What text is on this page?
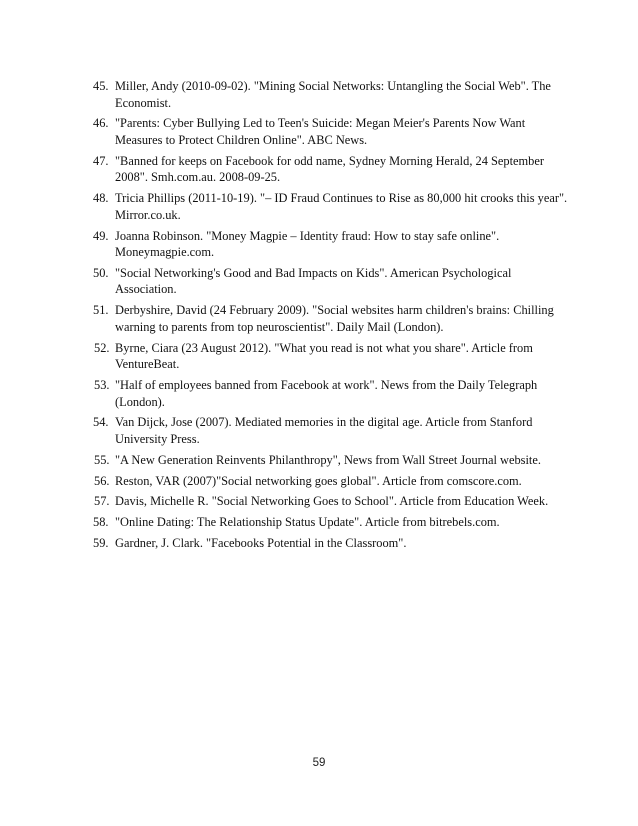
45. Miller, Andy (2010-09-02). "Mining Social Networks: Untangling the Social Web". The Economist.
46. "Parents: Cyber Bullying Led to Teen's Suicide: Megan Meier's Parents Now Want Measures to Protect Children Online". ABC News.
47. "Banned for keeps on Facebook for odd name, Sydney Morning Herald, 24 September 2008". Smh.com.au. 2008-09-25.
48. Tricia Phillips (2011-10-19). "– ID Fraud Continues to Rise as 80,000 hit crooks this year". Mirror.co.uk.
49. Joanna Robinson. "Money Magpie – Identity fraud: How to stay safe online". Moneymagpie.com.
50. "Social Networking's Good and Bad Impacts on Kids". American Psychological Association.
51. Derbyshire, David (24 February 2009). "Social websites harm children's brains: Chilling warning to parents from top neuroscientist". Daily Mail (London).
52. Byrne, Ciara (23 August 2012). "What you read is not what you share". Article from VentureBeat.
53. "Half of employees banned from Facebook at work". News from the Daily Telegraph (London).
54. Van Dijck, Jose (2007). Mediated memories in the digital age. Article from Stanford University Press.
55. "A New Generation Reinvents Philanthropy", News from Wall Street Journal website.
56. Reston, VAR (2007)"Social networking goes global". Article from comscore.com.
57. Davis, Michelle R. "Social Networking Goes to School". Article from Education Week.
58. "Online Dating: The Relationship Status Update". Article from bitrebels.com.
59. Gardner, J. Clark. "Facebooks Potential in the Classroom".
59
